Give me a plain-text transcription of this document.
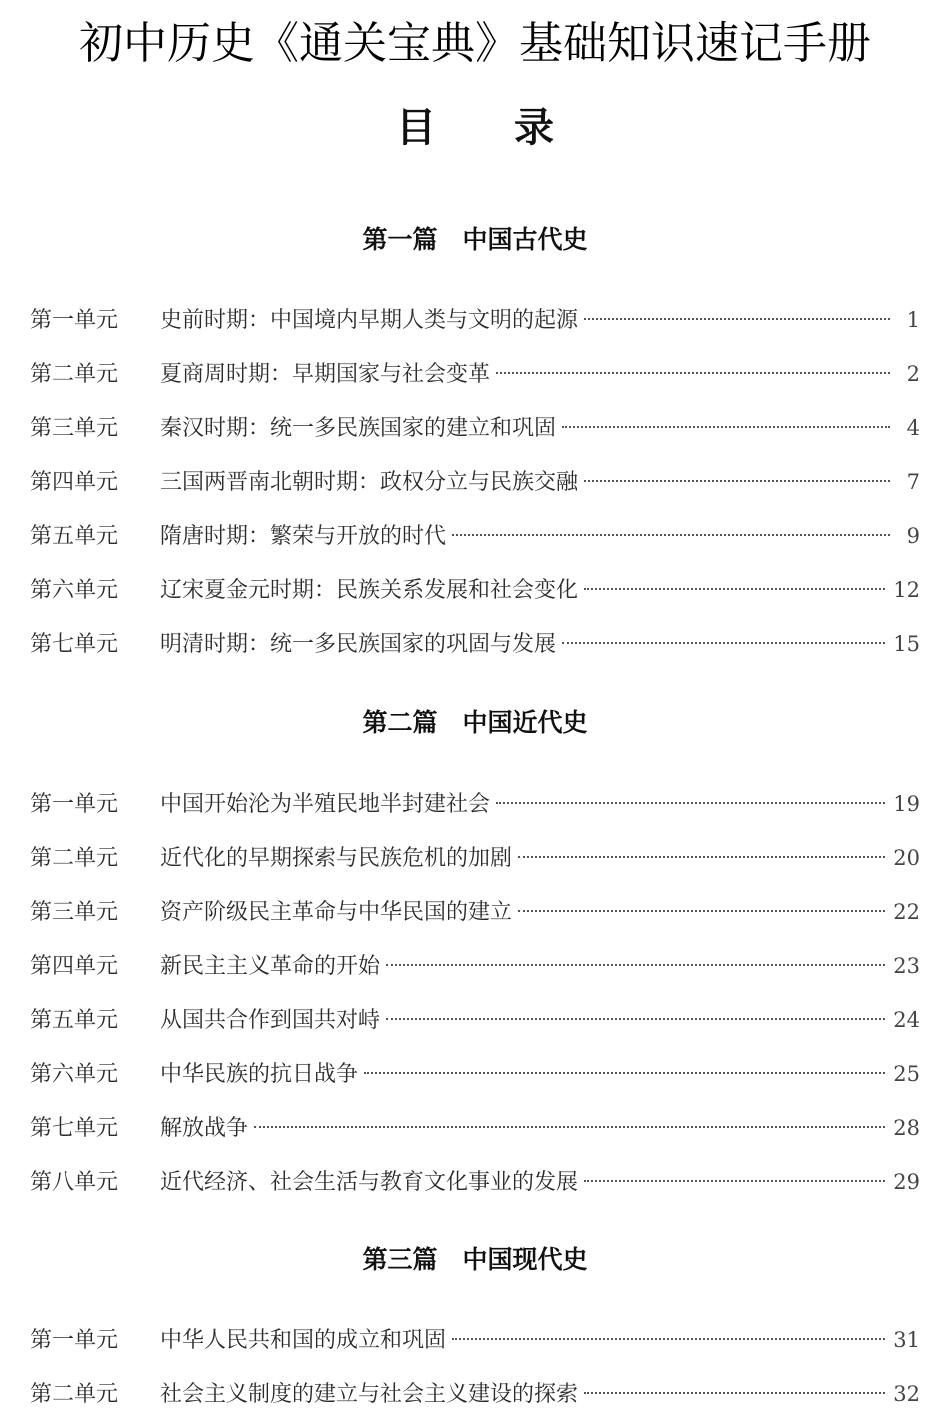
初中历史《通关宝典》基础知识速记手册
目录
第一篇　中国古代史
第一单元	史前时期：中国境内早期人类与文明的起源	1
第二单元	夏商周时期：早期国家与社会变革	2
第三单元	秦汉时期：统一多民族国家的建立和巩固	4
第四单元	三国两晋南北朝时期：政权分立与民族交融	7
第五单元	隋唐时期：繁荣与开放的时代	9
第六单元	辽宋夏金元时期：民族关系发展和社会变化	12
第七单元	明清时期：统一多民族国家的巩固与发展	15
第二篇　中国近代史
第一单元	中国开始沦为半殖民地半封建社会	19
第二单元	近代化的早期探索与民族危机的加剧	20
第三单元	资产阶级民主革命与中华民国的建立	22
第四单元	新民主主义革命的开始	23
第五单元	从国共合作到国共对峙	24
第六单元	中华民族的抗日战争	25
第七单元	解放战争	28
第八单元	近代经济、社会生活与教育文化事业的发展	29
第三篇　中国现代史
第一单元	中华人民共和国的成立和巩固	31
第二单元	社会主义制度的建立与社会主义建设的探索	32
